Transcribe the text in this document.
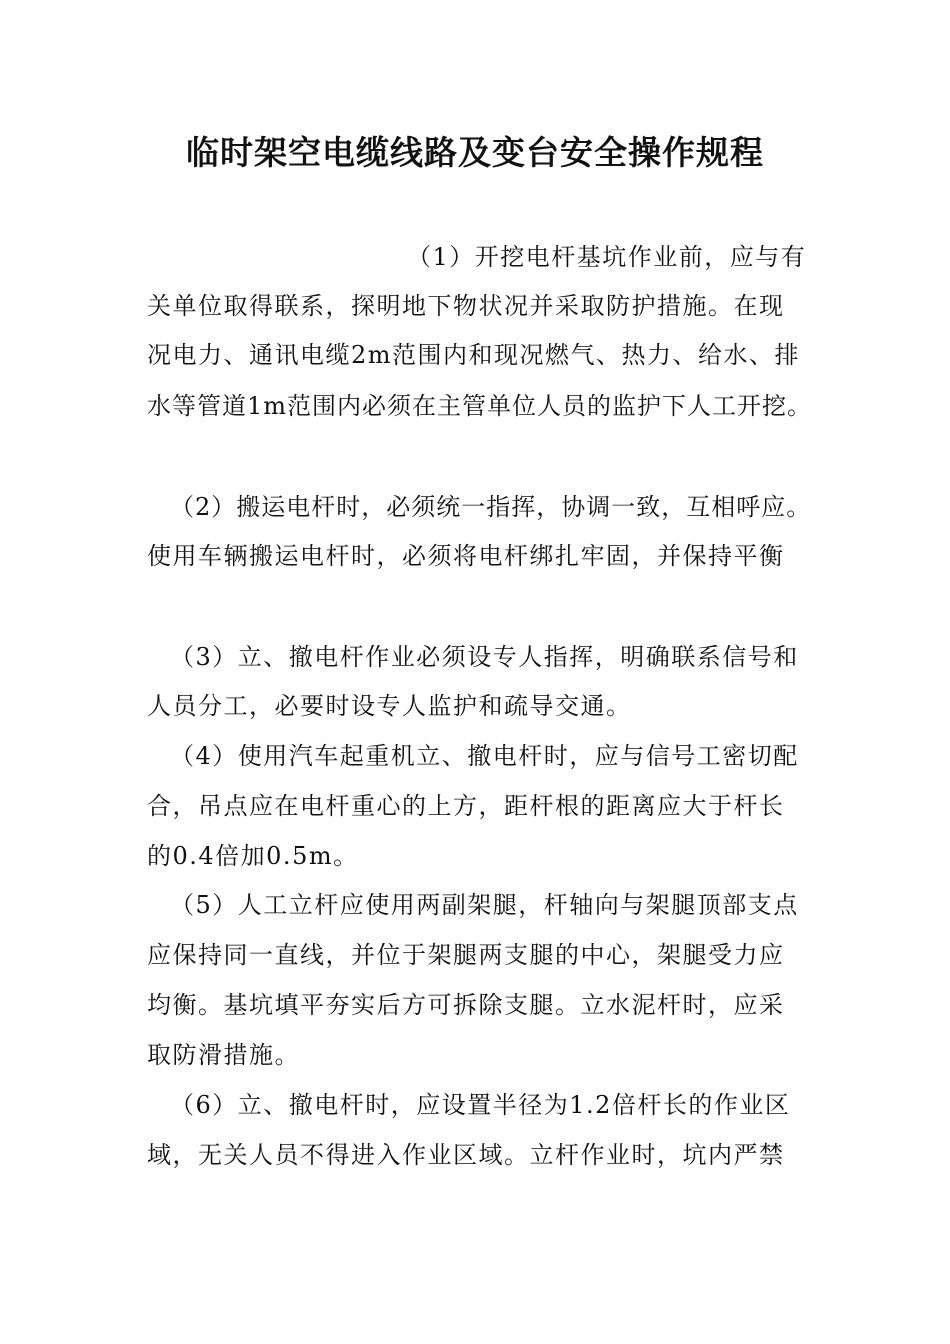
临时架空电缆线路及变台安全操作规程
（1）开挖电杆基坑作业前，应与有
关单位取得联系，探明地下物状况并采取防护措施。在现
况电力、通讯电缆2m范围内和现况燃气、热力、给水、排
水等管道1m范围内必须在主管单位人员的监护下人工开挖。
（2）搬运电杆时，必须统一指挥，协调一致，互相呼应。
使用车辆搬运电杆时，必须将电杆绑扎牢固，并保持平衡
（3）立、撤电杆作业必须设专人指挥，明确联系信号和
人员分工，必要时设专人监护和疏导交通。
（4）使用汽车起重机立、撤电杆时，应与信号工密切配
合，吊点应在电杆重心的上方，距杆根的距离应大于杆长
的0.4倍加0.5m。
（5）人工立杆应使用两副架腿，杆轴向与架腿顶部支点
应保持同一直线，并位于架腿两支腿的中心，架腿受力应
均衡。基坑填平夯实后方可拆除支腿。立水泥杆时，应采
取防滑措施。
（6）立、撤电杆时，应设置半径为1.2倍杆长的作业区
域，无关人员不得进入作业区域。立杆作业时，坑内严禁
